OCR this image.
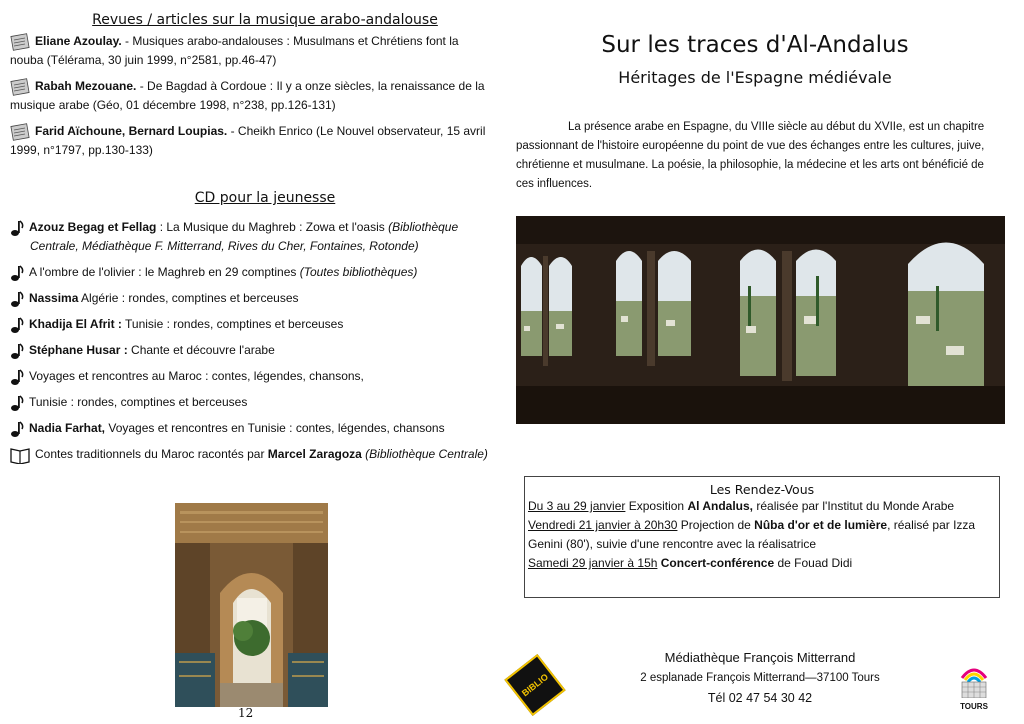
Revues / articles sur la musique arabo-andalouse
Eliane Azoulay. - Musiques arabo-andalouses : Musulmans et Chrétiens font la nouba (Télérama, 30 juin 1999, n°2581, pp.46-47)
Rabah Mezouane. - De Bagdad à Cordoue : Il y a onze siècles, la renaissance de la musique arabe (Géo, 01 décembre 1998, n°238, pp.126-131)
Farid Aïchoune, Bernard Loupias. - Cheikh Enrico (Le Nouvel observateur, 15 avril 1999, n°1797, pp.130-133)
CD pour la jeunesse
Azouz Begag et Fellag : La Musique du Maghreb : Zowa et l'oasis (Bibliothèque Centrale, Médiathèque F. Mitterrand, Rives du Cher, Fontaines, Rotonde)
A l'ombre de l'olivier : le Maghreb en 29 comptines (Toutes bibliothèques)
Nassima Algérie : rondes, comptines et berceuses
Khadija El Afrit : Tunisie : rondes, comptines et berceuses
Stéphane Husar : Chante et découvre l'arabe
Voyages et rencontres au Maroc : contes, légendes, chansons,
Tunisie : rondes, comptines et berceuses
Nadia Farhat, Voyages et rencontres en Tunisie : contes, légendes, chansons
Contes traditionnels du Maroc racontés par Marcel Zaragoza (Bibliothèque Centrale)
12
Sur les traces d'Al-Andalus
Héritages de l'Espagne médiévale
La présence arabe en Espagne, du VIIIe siècle au début du XVIIe, est un chapitre passionnant de l'histoire européenne du point de vue des échanges entre les cultures, juive, chrétienne et musulmane. La poésie, la philosophie, la médecine et les arts ont bénéficié de ces influences.
Les Rendez-Vous
Du 3 au 29 janvier Exposition Al Andalus, réalisée par l'Institut du Monde Arabe
Vendredi 21 janvier à 20h30 Projection de Nûba d'or et de lumière, réalisé par Izza Genini (80'), suivie d'une rencontre avec la réalisatrice
Samedi 29 janvier à 15h Concert-conférence de Fouad Didi
Médiathèque François Mitterrand
2 esplanade François Mitterrand—37100 Tours
Tél 02 47 54 30 42
BIBLIO
TOURS
